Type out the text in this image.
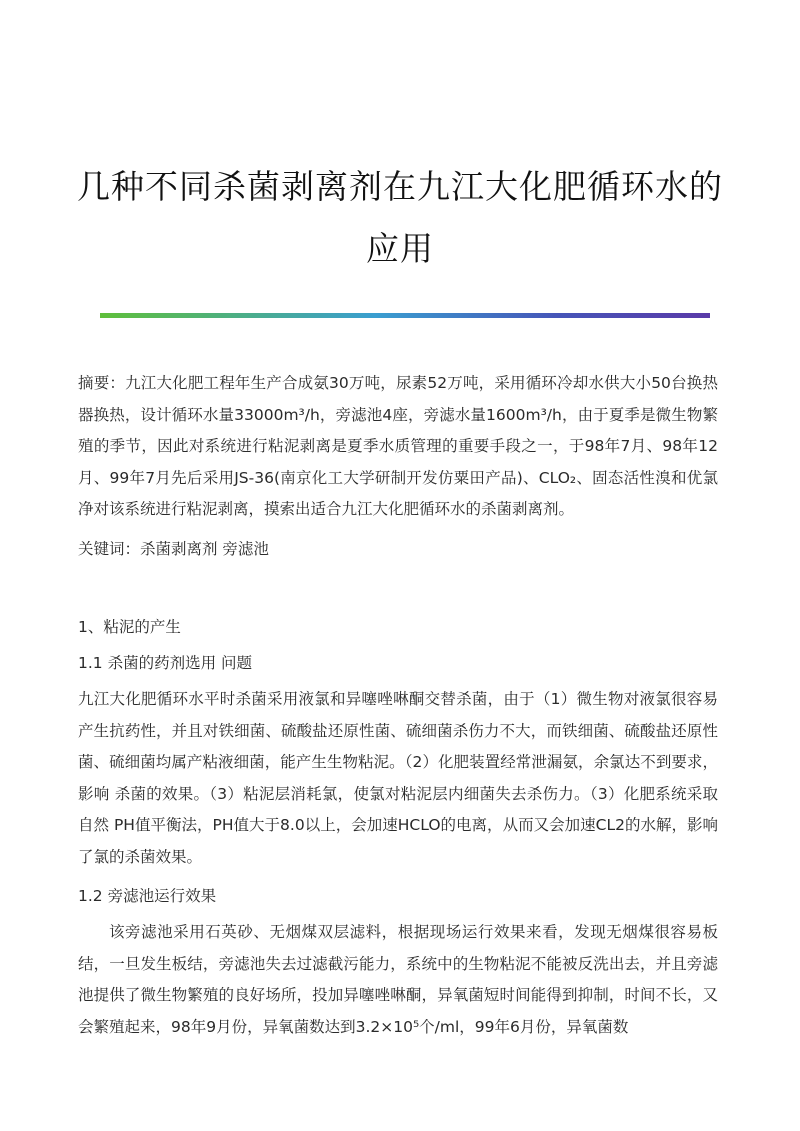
几种不同杀菌剥离剂在九江大化肥循环水的
应用

摘要：九江大化肥工程年生产合成氨30万吨，尿素52万吨，采用循环冷却水供大小50台换热器换热，设计循环水量33000m³/h，旁滤池4座，旁滤水量1600m³/h，由于夏季是微生物繁殖的季节，因此对系统进行粘泥剥离是夏季水质管理的重要手段之一，于98年7月、98年12月、99年7月先后采用JS-36(南京化工大学研制开发仿粟田产品)、CLO₂、固态活性溴和优氯净对该系统进行粘泥剥离，摸索出适合九江大化肥循环水的杀菌剥离剂。

关键词：杀菌剥离剂 旁滤池

1、粘泥的产生

1.1 杀菌的药剂选用 问题

九江大化肥循环水平时杀菌采用液氯和异噻唑啉酮交替杀菌，由于（1）微生物对液氯很容易产生抗药性，并且对铁细菌、硫酸盐还原性菌、硫细菌杀伤力不大，而铁细菌、硫酸盐还原性菌、硫细菌均属产粘液细菌，能产生生物粘泥。（2）化肥装置经常泄漏氨，余氯达不到要求， 影响 杀菌的效果。（3）粘泥层消耗氯，使氯对粘泥层内细菌失去杀伤力。（3）化肥系统采取 自然 PH值平衡法，PH值大于8.0以上，会加速HCLO的电离，从而又会加速CL2的水解，影响了氯的杀菌效果。

1.2 旁滤池运行效果

该旁滤池采用石英砂、无烟煤双层滤料，根据现场运行效果来看，发现无烟煤很容易板结，一旦发生板结，旁滤池失去过滤截污能力，系统中的生物粘泥不能被反洗出去，并且旁滤池提供了微生物繁殖的良好场所，投加异噻唑啉酮，异氧菌短时间能得到抑制，时间不长，又会繁殖起来，98年9月份，异氧菌数达到3.2×10⁵个/ml，99年6月份，异氧菌数
